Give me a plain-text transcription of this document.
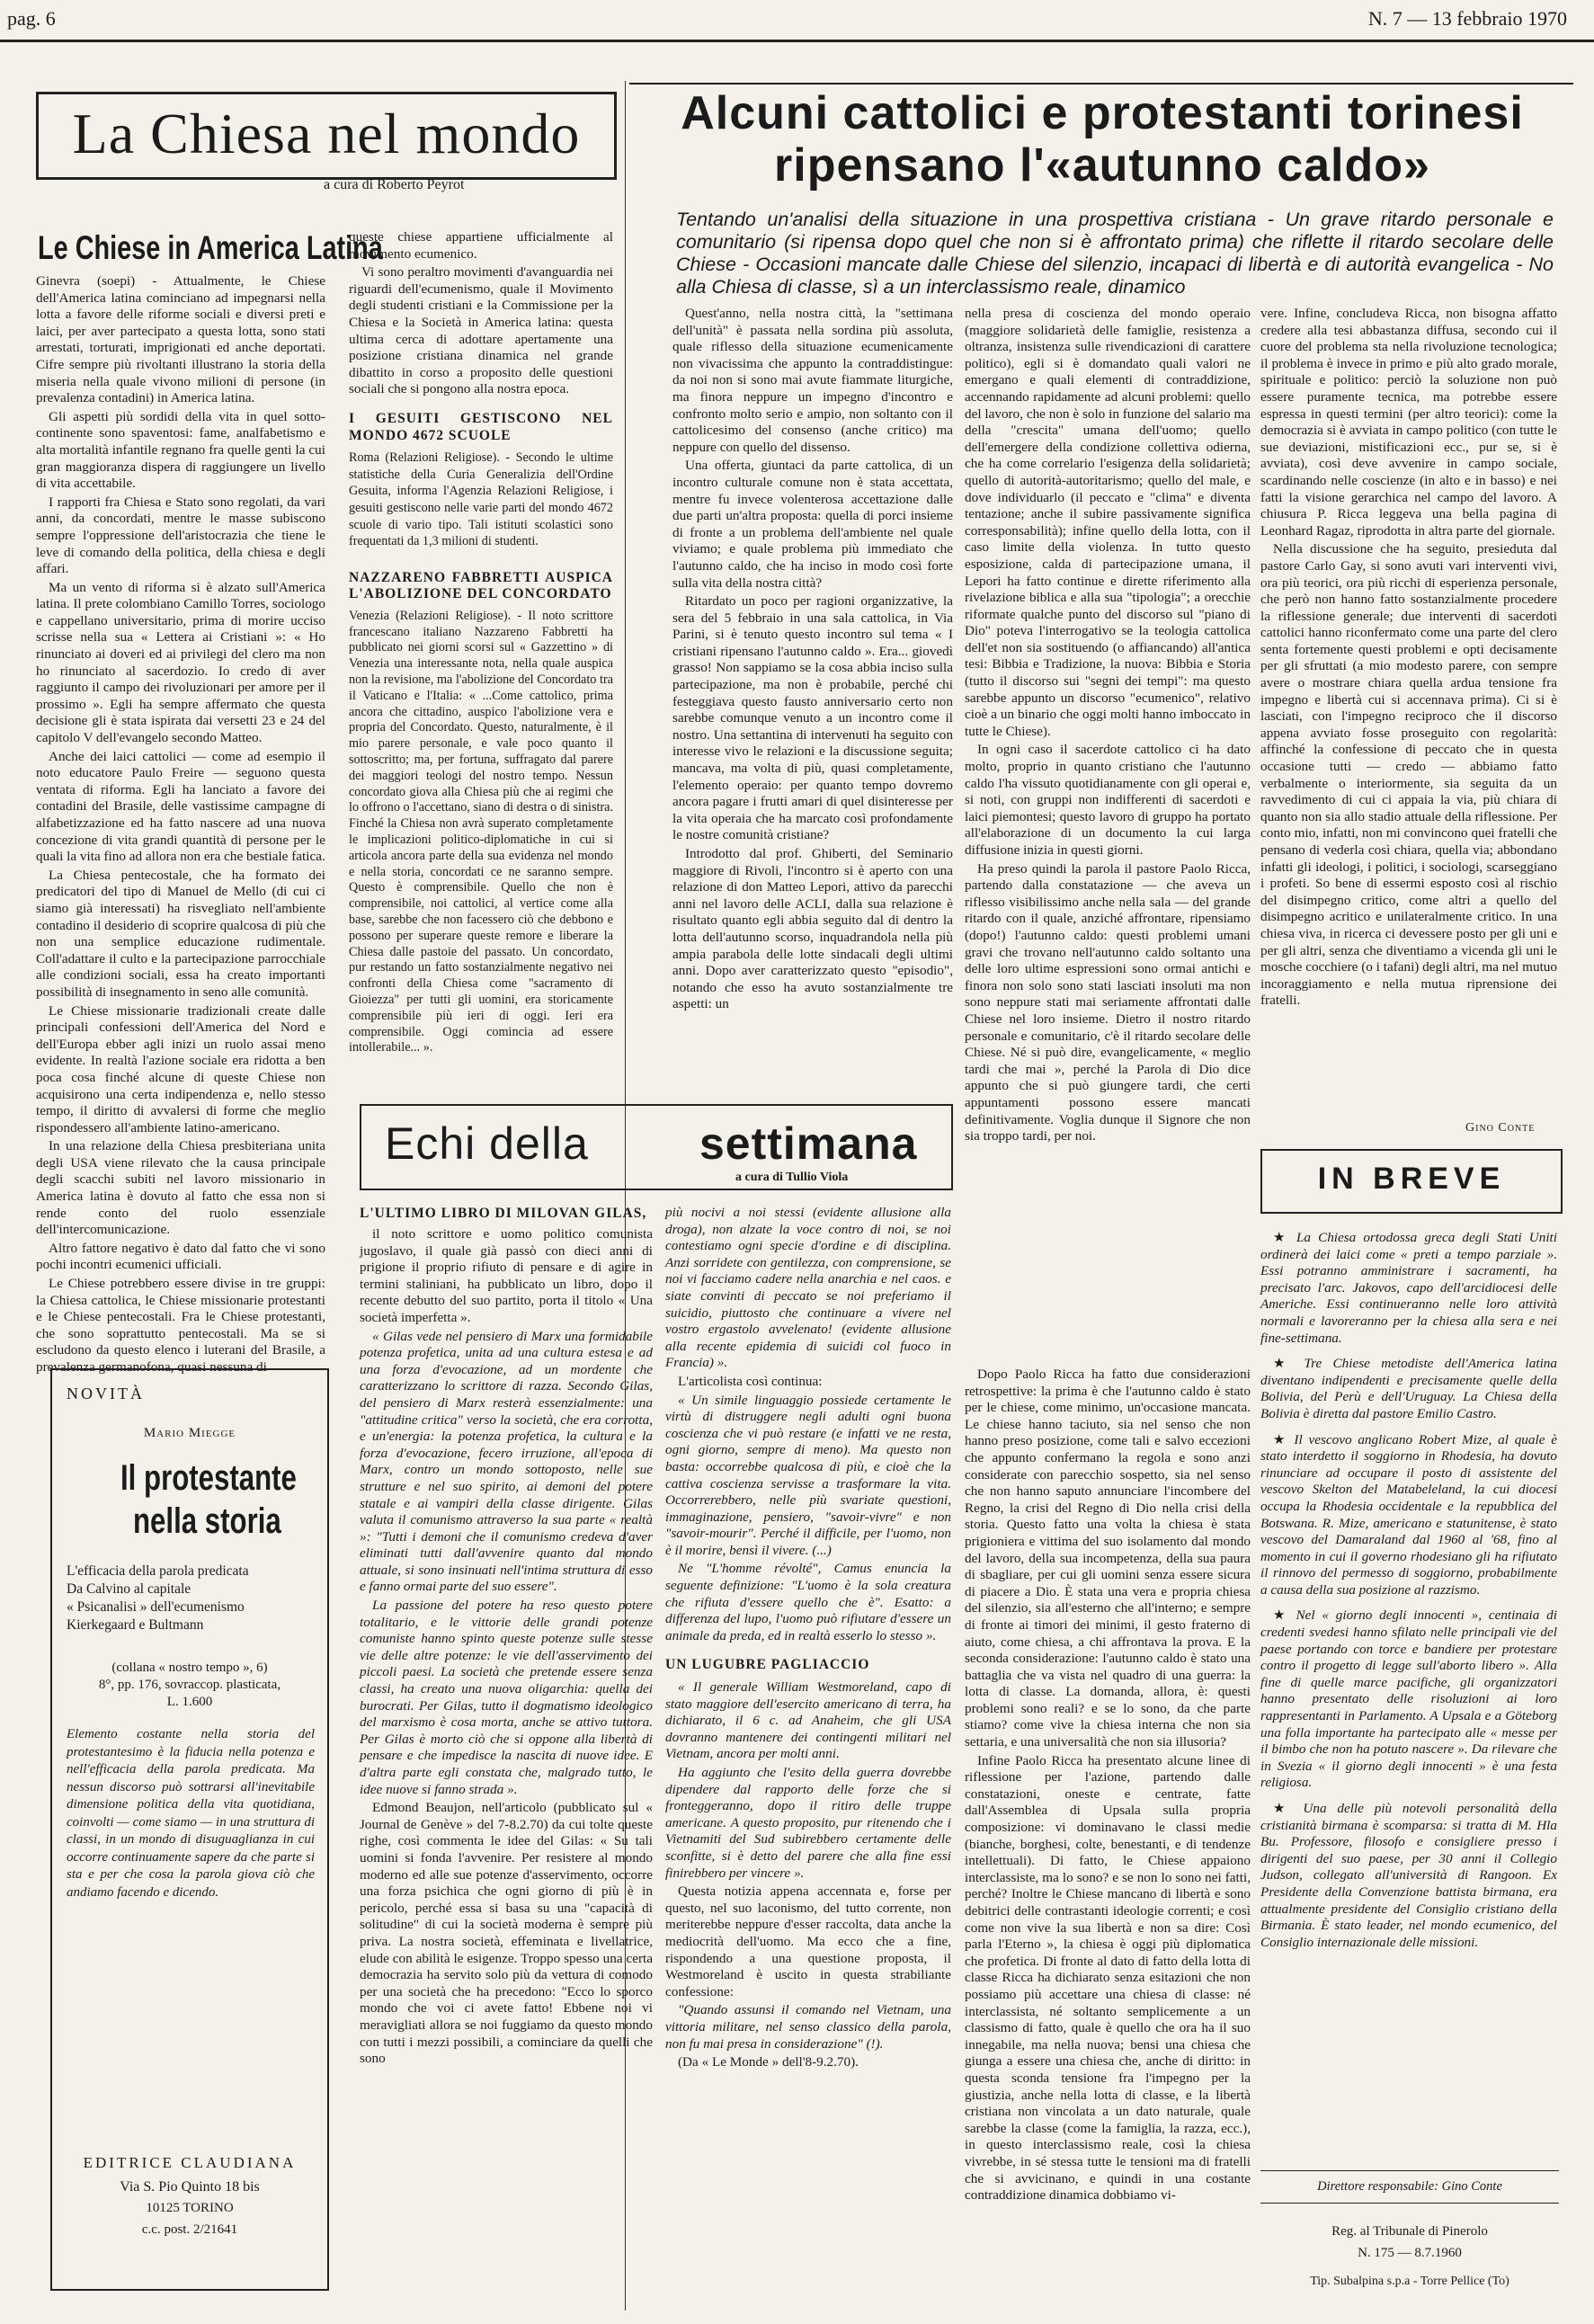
pag. 6	N. 7 — 13 febbraio 1970
La Chiesa nel mondo
a cura di Roberto Peyrot
Le Chiese in America Latina

Ginevra (soepi) - Attualmente, le Chiese dell'America latina cominciano ad impegnarsi nella lotta a favore delle riforme sociali e diversi preti e laici, per aver partecipato a questa lotta, sono stati arrestati, torturati, imprigionati ed anche deportati. Cifre sempre più rivoltanti illustrano la storia della miseria nella quale vivono milioni di persone (in prevalenza contadini) in America latina.

Gli aspetti più sordidi della vita in quel sotto-continente sono spaventosi: fame, analfabetismo e alta mortalità infantile regnano fra quelle genti la cui gran maggioranza dispera di raggiungere un livello di vita accettabile.

I rapporti fra Chiesa e Stato sono regolati, da vari anni, da concordati, mentre le masse subiscono sempre l'oppressione dell'aristocrazia che tiene le leve di comando della politica, della chiesa e degli affari.

Ma un vento di riforma si è alzato sull'America latina. Il prete colombiano Camillo Torres, sociologo e cappellano universitario, prima di morire ucciso scrisse nella sua « Lettera ai Cristiani »: « Ho rinunciato ai doveri ed ai privilegi del clero ma non ho rinunciato al sacerdozio. Io credo di aver raggiunto il campo dei rivoluzionari per amore per il prossimo ». Egli ha sempre affermato che questa decisione gli è stata ispirata dai versetti 23 e 24 del capitolo V dell'evangelo secondo Matteo.

Anche dei laici cattolici — come ad esempio il noto educatore Paulo Freire — seguono questa ventata di riforma. Egli ha lanciato a favore dei contadini del Brasile, delle vastissime campagne di alfabetizzazione ed ha fatto nascere ad una nuova concezione di vita grandi quantità di persone per le quali la vita fino ad allora non era che bestiale fatica.

La Chiesa pentecostale, che ha formato dei predicatori del tipo di Manuel de Mello (di cui ci siamo già interessati) ha risvegliato nell'ambiente contadino il desiderio di scoprire qualcosa di più che non una semplice educazione rudimentale. Coll'adattare il culto e la partecipazione parrocchiale alle condizioni sociali, essa ha creato importanti possibilità di insegnamento in seno alle comunità.

Le Chiese missionarie tradizionali create dalle principali confessioni dell'America del Nord e dell'Europa ebber agli inizi un ruolo assai meno evidente. In realtà l'azione sociale era ridotta a ben poca cosa finché alcune di queste Chiese non acquisirono una certa indipendenza e, nello stesso tempo, il diritto di avvalersi di forme che meglio rispondessero all'ambiente latino-americano.

In una relazione della Chiesa presbiteriana unita degli USA viene rilevato che la causa principale degli scacchi subiti nel lavoro missionario in America latina è dovuto al fatto che essa non si rende conto del ruolo essenziale dell'intercomunicazione.

Altro fattore negativo è dato dal fatto che vi sono pochi incontri ecumenici ufficiali.

Le Chiese potrebbero essere divise in tre gruppi: la Chiesa cattolica, le Chiese missionarie protestanti e le Chiese pentecostali. Fra le Chiese protestanti, che sono soprattutto pentecostali. Ma se si escludono da questo elenco i luterani del Brasile, a prevalenza germanofona, quasi nessuna di

queste chiese appartiene ufficialmente al movimento ecumenico.

Vi sono peraltro movimenti d'avanguardia nei riguardi dell'ecumenismo, quale il Movimento degli studenti cristiani e la Commissione per la Chiesa e la Società in America latina: questa ultima cerca di adottare apertamente una posizione cristiana dinamica nel grande dibattito in corso a proposito delle questioni sociali che si pongono alla nostra epoca.

I GESUITI GESTISCONO NEL MONDO 4672 SCUOLE

Roma (Relazioni Religiose). - Secondo le ultime statistiche della Curia Generalizia dell'Ordine Gesuita, informa l'Agenzia Relazioni Religiose, i gesuiti gestiscono nelle varie parti del mondo 4672 scuole di vario tipo. Tali istituti scolastici sono frequentati da 1,3 milioni di studenti.

NAZZARENO FABBRETTI AUSPICA L'ABOLIZIONE DEL CONCORDATO

Venezia (Relazioni Religiose). - Il noto scrittore francescano italiano Nazzareno Fabbretti ha pubblicato nei giorni scorsi sul « Gazzettino » di Venezia una interessante nota, nella quale auspica non la revisione, ma l'abolizione del Concordato tra il Vaticano e l'Italia: « ...Come cattolico, prima ancora che cittadino, auspico l'abolizione vera e propria del Concordato. Questo, naturalmente, è il mio parere personale, e vale poco quanto il sottoscritto; ma, per fortuna, suffragato dal parere dei maggiori teologi del nostro tempo. Nessun concordato giova alla Chiesa più che ai regimi che lo offrono o l'accettano, siano di destra o di sinistra. Finché la Chiesa non avrà superato completamente le implicazioni politico-diplomatiche in cui si articola ancora parte della sua evidenza nel mondo e nella storia, concordati ce ne saranno sempre. Questo è comprensibile. Quello che non è comprensibile, noi cattolici, al vertice come alla base, sarebbe che non facessero ciò che debbono e possono per superare queste remore e liberare la Chiesa dalle pastoie del passato. Un concordato, pur restando un fatto sostanzialmente negativo nei confronti della Chiesa come "sacramento di Gioiezza" per tutti gli uomini, era storicamente comprensibile più ieri di oggi. Ieri era comprensibile. Oggi comincia ad essere intollerabile... ».

NOVITÀ
Mario Miegge
Il protestante
nella storia
L'efficacia della parola predicata
Da Calvino al capitale
« Psicanalisi » dell'ecumenismo
Kierkegaard e Bultmann
(collana « nostro tempo », 6)
8°, pp. 176, sovraccop. plasticata,
L. 1.600
Elemento costante nella storia del protestantesimo è la fiducia nella potenza e nell'efficacia della parola predicata. Ma nessun discorso può sottrarsi all'inevitabile dimensione politica della vita quotidiana, coinvolti — come siamo — in una struttura di classi, in un mondo di disuguaglianza in cui occorre continuamente sapere da che parte si sta e per che cosa la parola giova ciò che andiamo facendo e dicendo.
EDITRICE CLAUDIANA
Via S. Pio Quinto 18 bis
10125 TORINO
c.c. post. 2/21641
Alcuni cattolici e protestanti torinesi
ripensano l'«autunno caldo»
Tentando un'analisi della situazione in una prospettiva cristiana - Un grave ritardo personale e comunitario (si ripensa dopo quel che non si è affrontato prima) che riflette il ritardo secolare delle Chiese - Occasioni mancate dalle Chiese del silenzio, incapaci di libertà e di autorità evangelica - No alla Chiesa di classe, sì a un interclassismo reale, dinamico

Quest'anno, nella nostra città, la "settimana dell'unità" è passata nella sordina più assoluta, quale riflesso della situazione ecumenicamente non vivacissima che appunto la contraddistingue: da noi non si sono mai avute fiammate liturgiche, ma finora neppure un impegno d'incontro e confronto molto serio e ampio, non soltanto con il cattolicesimo del consenso (anche critico) ma neppure con quello del dissenso.

Una offerta, giuntaci da parte cattolica, di un incontro culturale comune non è stata accettata, mentre fu invece volenterosa accettazione dalle due parti un'altra proposta: quella di porci insieme di fronte a un problema dell'ambiente nel quale viviamo; e quale problema più immediato che l'autunno caldo, che ha inciso in modo così forte sulla vita della nostra città?

Ritardato un poco per ragioni organizzative, la sera del 5 febbraio in una sala cattolica, in Via Parini, si è tenuto questo incontro sul tema « I cristiani ripensano l'autunno caldo ». Era... giovedì grasso! Non sappiamo se la cosa abbia inciso sulla partecipazione, ma non è probabile, perché chi festeggiava questo fausto anniversario certo non sarebbe comunque venuto a un incontro come il nostro. Una settantina di intervenuti ha seguito con interesse vivo le relazioni e la discussione seguita; mancava, ma volta di più, quasi completamente, l'elemento operaio: per quanto tempo dovremo ancora pagare i frutti amari di quel disinteresse per la vita operaia che ha marcato così profondamente le nostre comunità cristiane?

Introdotto dal prof. Ghiberti, del Seminario maggiore di Rivoli, l'incontro si è aperto con una relazione di don Matteo Lepori, attivo da parecchi anni nel lavoro delle ACLI, dalla sua relazione è risultato quanto egli abbia seguito dal di dentro la lotta dell'autunno scorso, inquadrandola nella più ampia parabola delle lotte sindacali degli ultimi anni. Dopo aver caratterizzato questo "episodio", notando che esso ha avuto sostanzialmente tre aspetti: un

nella presa di coscienza del mondo operaio (maggiore solidarietà delle famiglie, resistenza a oltranza, insistenza sulle rivendicazioni di carattere politico), egli si è domandato quali valori ne emergano e quali elementi di contraddizione, accennando rapidamente ad alcuni problemi: quello del lavoro, che non è solo in funzione del salario ma della "crescita" umana dell'uomo; quello dell'emergere della condizione collettiva odierna, che ha come correlario l'esigenza della solidarietà; quello di autorità-autoritarismo; quello del male, e dove individuarlo (il peccato e "clima" e diventa tentazione; anche il subire passivamente significa corresponsabilità); infine quello della lotta, con il caso limite della violenza. In tutto questo esposizione, calda di partecipazione umana, il Lepori ha fatto continue e dirette riferimento alla rivelazione biblica e alla sua "tipologia"; a orecchie riformate qualche punto del discorso sul "piano di Dio" poteva l'interrogativo se la teologia cattolica dell'et non sia sostituendo (o affiancando) all'antica tesi: Bibbia e Tradizione, la nuova: Bibbia e Storia (tutto il discorso sui "segni dei tempi": ma questo sarebbe appunto un discorso "ecumenico", relativo cioè a un binario che oggi molti hanno imboccato in tutte le Chiese).

In ogni caso il sacerdote cattolico ci ha dato molto, proprio in quanto cristiano che l'autunno caldo l'ha vissuto quotidianamente con gli operai e, si noti, con gruppi non indifferenti di sacerdoti e laici piemontesi; questo lavoro di gruppo ha portato all'elaborazione di un documento la cui larga diffusione inizia in questi giorni.

Ha preso quindi la parola il pastore Paolo Ricca, partendo dalla constatazione — che aveva un riflesso visibilissimo anche nella sala — del grande ritardo con il quale, anziché affrontare, ripensiamo (dopo!) l'autunno caldo: questi problemi umani gravi che trovano nell'autunno caldo soltanto una delle loro ultime espressioni sono ormai antichi e finora non solo sono stati lasciati insoluti ma non sono neppure stati mai seriamente affrontati dalle Chiese nel loro insieme. Dietro il nostro ritardo personale e comunitario, c'è il ritardo secolare delle Chiese. Né si può dire, evangelicamente, « meglio tardi che mai », perché la Parola di Dio dice appunto che si può giungere tardi, che certi appuntamenti possono essere mancati definitivamente. Voglia dunque il Signore che non sia troppo tardi, per noi.

vere. Infine, concludeva Ricca, non bisogna affatto credere alla tesi abbastanza diffusa, secondo cui il cuore del problema sta nella rivoluzione tecnologica; il problema è invece in primo e più alto grado morale, spirituale e politico: perciò la soluzione non può essere puramente tecnica, ma potrebbe essere espressa in questi termini (per altro teorici): come la democrazia si è avviata in campo politico (con tutte le sue deviazioni, mistificazioni ecc., pur se, si è avviata), così deve avvenire in campo sociale, scardinando nelle coscienze (in alto e in basso) e nei fatti la visione gerarchica nel campo del lavoro. A chiusura P. Ricca leggeva una bella pagina di Leonhard Ragaz, riprodotta in altra parte del giornale.

Nella discussione che ha seguito, presieduta dal pastore Carlo Gay, si sono avuti vari interventi vivi, ora più teorici, ora più ricchi di esperienza personale, che però non hanno fatto sostanzialmente procedere la riflessione generale; due interventi di sacerdoti cattolici hanno riconfermato come una parte del clero senta fortemente questi problemi e opti decisamente per gli sfruttati (a mio modesto parere, con sempre avere o mostrare chiara quella ardua tensione fra impegno e libertà cui si accennava prima). Ci si è lasciati, con l'impegno reciproco che il discorso appena avviato fosse proseguito con regolarità: affinché la confessione di peccato che in questa occasione tutti — credo — abbiamo fatto verbalmente o interiormente, sia seguita da un ravvedimento di cui ci appaia la via, più chiara di quanto non sia allo stadio attuale della riflessione. Per conto mio, infatti, non mi convincono quei fratelli che pensano di vederla così chiara, quella via; abbondano infatti gli ideologi, i politici, i sociologi, scarseggiano i profeti. So bene di essermi esposto così al rischio del disimpegno critico, come altri a quello del disimpegno acritico e unilateralmente critico. In una chiesa viva, in ricerca ci devessere posto per gli uni e per gli altri, senza che diventiamo a vicenda gli uni le mosche cocchiere (o i tafani) degli altri, ma nel mutuo incoraggiamento e nella mutua riprensione dei fratelli.

Gino Conte
Echi della settimana
a cura di Tullio Viola
L'ULTIMO LIBRO DI MILOVAN GILAS,

il noto scrittore e uomo politico comunista jugoslavo, il quale già passò con dieci anni di prigione il proprio rifiuto di pensare e di agire in termini staliniani, ha pubblicato un libro, dopo il recente debutto del suo partito, porta il titolo « Una società imperfetta ».

« Gilas vede nel pensiero di Marx una formidabile potenza profetica, unita ad una cultura estesa e ad una forza d'evocazione, ad un mordente che caratterizzano lo scrittore di razza. Secondo Gilas, del pensiero di Marx resterà essenzialmente: una "attitudine critica" verso la società, che era corrotta, e un'energia: la potenza profetica, la cultura e la forza d'evocazione, fecero irruzione, all'epoca di Marx, contro un mondo sottoposto, nelle sue strutture e nel suo spirito, ai demoni del potere statale e ai vampiri della classe dirigente. Gilas valuta il comunismo attraverso la sua parte « realtà »: "Tutti i demoni che il comunismo credeva d'aver eliminati tutti dall'avvenire quanto dal mondo attuale, si sono insinuati nell'intima struttura di esso e fanno ormai parte del suo essere".

La passione del potere ha reso questo potere totalitario, e le vittorie delle grandi potenze comuniste hanno spinto queste potenze sulle stesse vie delle altre potenze: le vie dell'asservimento dei piccoli paesi. La società che pretende essere senza classi, ha creato una nuova oligarchia: quella dei burocrati. Per Gilas, tutto il dogmatismo ideologico del marxismo è cosa morta, anche se attivo tuttora. Per Gilas è morto ciò che si oppone alla libertà di pensare e che impedisce la nascita di nuove idee. E d'altra parte egli constata che, malgrado tutto, le idee nuove si fanno strada ».

Edmond Beaujon, nell'articolo (pubblicato sul « Journal de Genève » del 7-8.2.70) da cui tolte queste righe, così commenta le idee del Gilas: « Su tali uomini si fonda l'avvenire. Per resistere al mondo moderno ed alle sue potenze d'asservimento, occorre una forza psichica che ogni giorno di più è in pericolo, perché essa si basa su una "capacità di solitudine" di cui la società moderna è sempre più priva. La nostra società, effeminata e livellatrice, elude con abilità le esigenze. Troppo spesso una certa democrazia ha servito solo più da vettura di comodo per una società che ha precedono: "Ecco lo sporco mondo che voi ci avete fatto! Ebbene noi vi meravigliati allora se noi fuggiamo da questo mondo con tutti i mezzi possibili, a cominciare da quelli che sono

più nocivi a noi stessi (evidente allusione alla droga), non alzate la voce contro di noi, se noi contestiamo ogni specie d'ordine e di disciplina. Anzi sorridete con gentilezza, con comprensione, se noi vi facciamo cadere nella anarchia e nel caos. e siate convinti di peccato se noi preferiamo il suicidio, piuttosto che continuare a vivere nel vostro ergastolo avvelenato! (evidente allusione alla recente epidemia di suicidi col fuoco in Francia) ».

L'articolista così continua:

« Un simile linguaggio possiede certamente le virtù di distruggere negli adulti ogni buona coscienza che vi può restare (e infatti ve ne resta, ogni giorno, sempre di meno). Ma questo non basta: occorrebbe qualcosa di più, e cioè che la cattiva coscienza servisse a trasformare la vita. Occorrerebbero, nelle più svariate questioni, immaginazione, pensiero, "savoir-vivre" e non "savoir-mourir". Perché il difficile, per l'uomo, non è il morire, bensì il vivere. (...)

Ne "L'homme révolté", Camus enuncia la seguente definizione: "L'uomo è la sola creatura che rifiuta d'essere quello che è". Esatto: a differenza del lupo, l'uomo può rifiutare d'essere un animale da preda, ed in realtà esserlo lo stesso ».

UN LUGUBRE PAGLIACCIO

« Il generale William Westmoreland, capo di stato maggiore dell'esercito americano di terra, ha dichiarato, il 6 c. ad Anaheim, che gli USA dovranno mantenere dei contingenti militari nel Vietnam, ancora per molti anni.

Ha aggiunto che l'esito della guerra dovrebbe dipendere dal rapporto delle forze che si fronteggeranno, dopo il ritiro delle truppe americane. A questo proposito, pur ritenendo che i Vietnamiti del Sud subirebbero certamente delle sconfitte, si è detto del parere che alla fine essi finirebbero per vincere ».

Questa notizia appena accennata e, forse per questo, nel suo laconismo, del tutto corrente, non meriterebbe neppure d'esser raccolta, data anche la mediocrità dell'uomo. Ma ecco che a fine, rispondendo a una questione proposta, il Westmoreland è uscito in questa strabiliante confessione:

"Quando assunsi il comando nel Vietnam, una vittoria militare, nel senso classico della parola, non fu mai presa in considerazione" (!).

(Da « Le Monde » dell'8-9.2.70).

Dopo Paolo Ricca ha fatto due considerazioni retrospettive: la prima è che l'autunno caldo è stato per le chiese, come minimo, un'occasione mancata. Le chiese hanno taciuto, sia nel senso che non hanno preso posizione, come tali e salvo eccezioni che appunto confermano la regola e sono anzi considerate con parecchio sospetto, sia nel senso che non hanno saputo annunciare l'incombere del Regno, la crisi del Regno di Dio nella crisi della storia. Questo fatto una volta la chiesa è stata prigioniera e vittima del suo isolamento dal mondo del lavoro, della sua incompetenza, della sua paura di sbagliare, per cui gli uomini senza essere sicura di piacere a Dio. È stata una vera e propria chiesa del silenzio, sia all'esterno che all'interno; e sempre di fronte ai timori dei minimi, il gesto fraterno di aiuto, come chiesa, a chi affrontava la prova. E la seconda considerazione: l'autunno caldo è stato una battaglia che va vista nel quadro di una guerra: la lotta di classe. La domanda, allora, è: questi problemi sono reali? e se lo sono, da che parte stiamo? come vive la chiesa interna che non sia settaria, e una universalità che non sia illusoria?

Infine Paolo Ricca ha presentato alcune linee di riflessione per l'azione, partendo dalle constatazioni, oneste e centrate, fatte dall'Assemblea di Upsala sulla propria composizione: vi dominavano le classi medie (bianche, borghesi, colte, benestanti, e di tendenze intellettuali). Di fatto, le Chiese appaiono interclassiste, ma lo sono? e se non lo sono nei fatti, perché? Inoltre le Chiese mancano di libertà e sono debitrici delle contrastanti ideologie correnti; e così come non vive la sua libertà e non sa dire: Così parla l'Eterno », la chiesa è oggi più diplomatica che profetica. Di fronte al dato di fatto della lotta di classe Ricca ha dichiarato senza esitazioni che non possiamo più accettare una chiesa di classe: né interclassista, né soltanto semplicemente a un classismo di fatto, quale è quello che ora ha il suo innegabile, ma nella nuova; bensi una chiesa che giunga a essere una chiesa che, anche di diritto: in questa sconda tensione fra l'impegno per la giustizia, anche nella lotta di classe, e la libertà cristiana non vincolata a un dato naturale, quale sarebbe la classe (come la famiglia, la razza, ecc.), in questo interclassismo reale, così la chiesa vivrebbe, in sé stessa tutte le tensioni ma di fratelli che si avvicinano, e quindi in una costante contraddizione dinamica dobbiamo vi-

IN BREVE

★ La Chiesa ortodossa greca degli Stati Uniti ordinerà dei laici come « preti a tempo parziale ». Essi potranno amministrare i sacramenti, ha precisato l'arc. Jakovos, capo dell'arcidiocesi delle Americhe. Essi continueranno nelle loro attività normali e lavoreranno per la chiesa alla sera e nei fine-settimana.

★ Tre Chiese metodiste dell'America latina diventano indipendenti e precisamente quelle della Bolivia, del Perù e dell'Uruguay. La Chiesa della Bolivia è diretta dal pastore Emilio Castro.

★ Il vescovo anglicano Robert Mize, al quale è stato interdetto il soggiorno in Rhodesia, ha dovuto rinunciare ad occupare il posto di assistente del vescovo Skelton del Matabeleland, la cui diocesi occupa la Rhodesia occidentale e la repubblica del Botswana. R. Mize, americano e statunitense, è stato vescovo del Damaraland dal 1960 al '68, fino al momento in cui il governo rhodesiano gli ha rifiutato il rinnovo del permesso di soggiorno, probabilmente a causa della sua posizione al razzismo.

★ Nel « giorno degli innocenti », centinaia di credenti svedesi hanno sfilato nelle principali vie del paese portando con torce e bandiere per protestare contro il progetto di legge sull'aborto libero ». Alla fine di quelle marce pacifiche, gli organizzatori hanno presentato delle risoluzioni ai loro rappresentanti in Parlamento. A Upsala e a Göteborg una folla importante ha partecipato alle « messe per il bimbo che non ha potuto nascere ». Da rilevare che in Svezia « il giorno degli innocenti » è una festa religiosa.

★ Una delle più notevoli personalità della cristianità birmana è scomparsa: si tratta di M. Hla Bu. Professore, filosofo e consigliere presso i dirigenti del suo paese, per 30 anni il Collegio Judson, collegato all'università di Rangoon. Ex Presidente della Convenzione battista birmana, era attualmente presidente del Consiglio cristiano della Birmania. È stato leader, nel mondo ecumenico, del Consiglio internazionale delle missioni.

Direttore responsabile: Gino Conte
Reg. al Tribunale di Pinerolo
N. 175 — 8.7.1960
Tip. Subalpina s.p.a - Torre Pellice (To)
